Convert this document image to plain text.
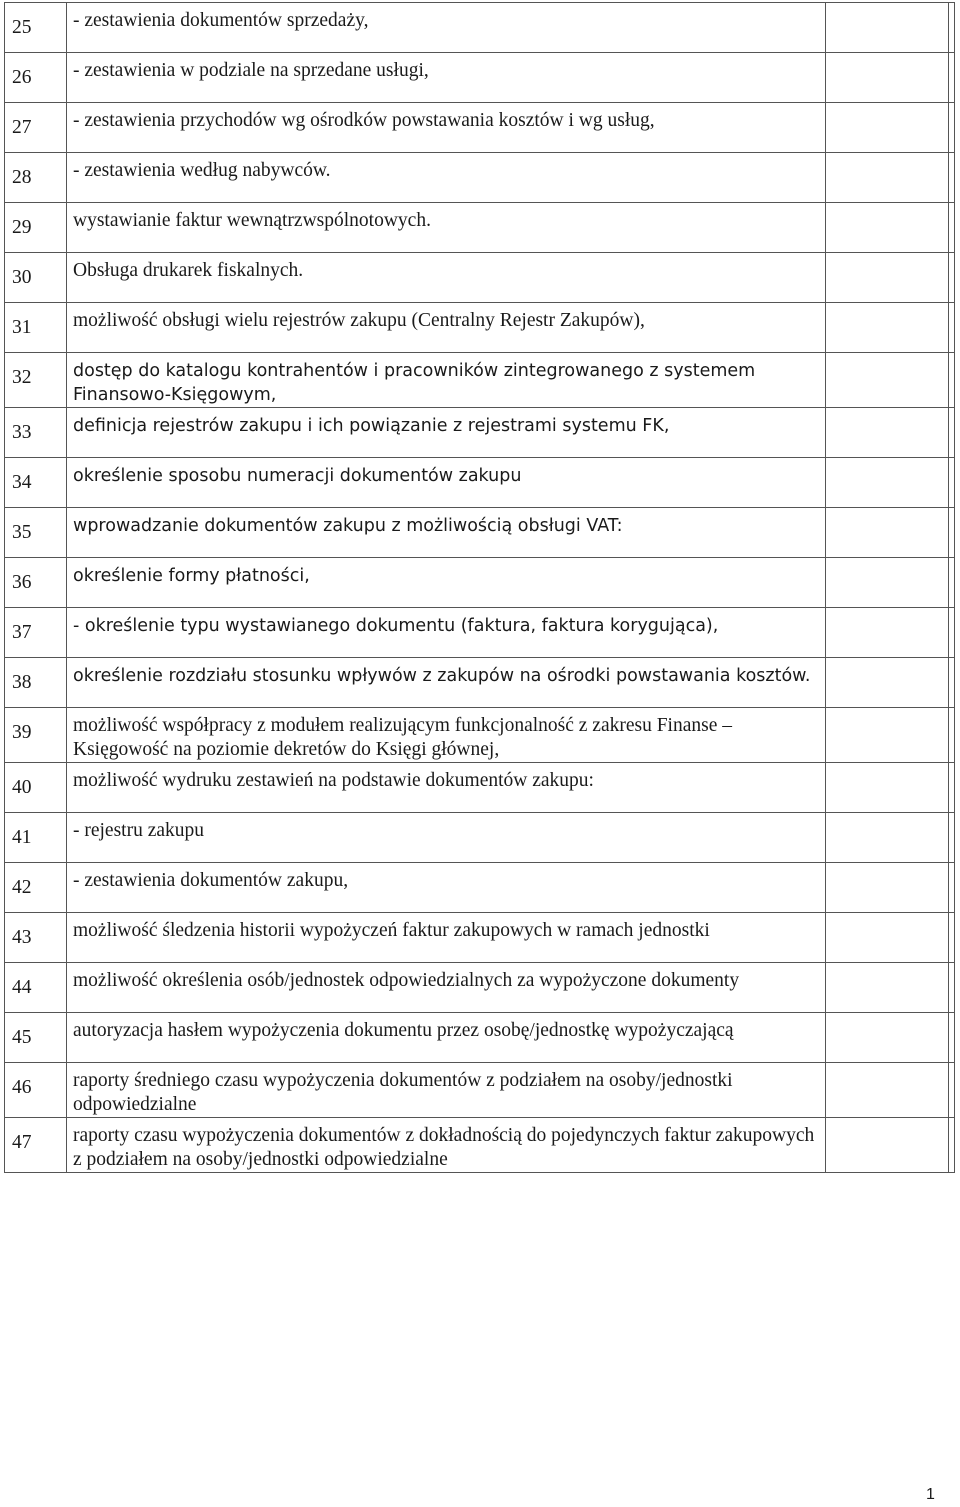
25	- zestawienia dokumentów sprzedaży,		
26	- zestawienia w podziale na sprzedane usługi,		
27	- zestawienia przychodów wg ośrodków powstawania kosztów i wg usług,		
28	- zestawienia według nabywców.		
29	wystawianie faktur wewnątrzwspólnotowych.		
30	Obsługa drukarek fiskalnych.		
31	możliwość obsługi wielu rejestrów zakupu (Centralny Rejestr Zakupów),		
32	dostęp do katalogu kontrahentów i pracowników zintegrowanego z systemem Finansowo-Księgowym,		
33	definicja rejestrów zakupu i ich powiązanie z rejestrami systemu FK,		
34	określenie sposobu numeracji dokumentów zakupu		
35	wprowadzanie dokumentów zakupu z możliwością obsługi VAT:		
36	określenie formy płatności,		
37	- określenie typu wystawianego dokumentu (faktura, faktura korygująca),		
38	określenie rozdziału stosunku wpływów z zakupów na ośrodki powstawania kosztów.		
39	możliwość współpracy z modułem realizującym funkcjonalność z zakresu Finanse – Księgowość na poziomie dekretów do Księgi głównej,		
40	możliwość wydruku zestawień na podstawie dokumentów zakupu:		
41	- rejestru zakupu		
42	- zestawienia dokumentów zakupu,		
43	możliwość śledzenia historii wypożyczeń faktur zakupowych w ramach jednostki		
44	możliwość określenia osób/jednostek odpowiedzialnych za wypożyczone dokumenty		
45	autoryzacja hasłem wypożyczenia dokumentu przez osobę/jednostkę wypożyczającą		
46	raporty średniego czasu wypożyczenia dokumentów z podziałem na osoby/jednostki odpowiedzialne		
47	raporty czasu wypożyczenia dokumentów z dokładnością do pojedynczych faktur zakupowych z podziałem na osoby/jednostki odpowiedzialne		
1
